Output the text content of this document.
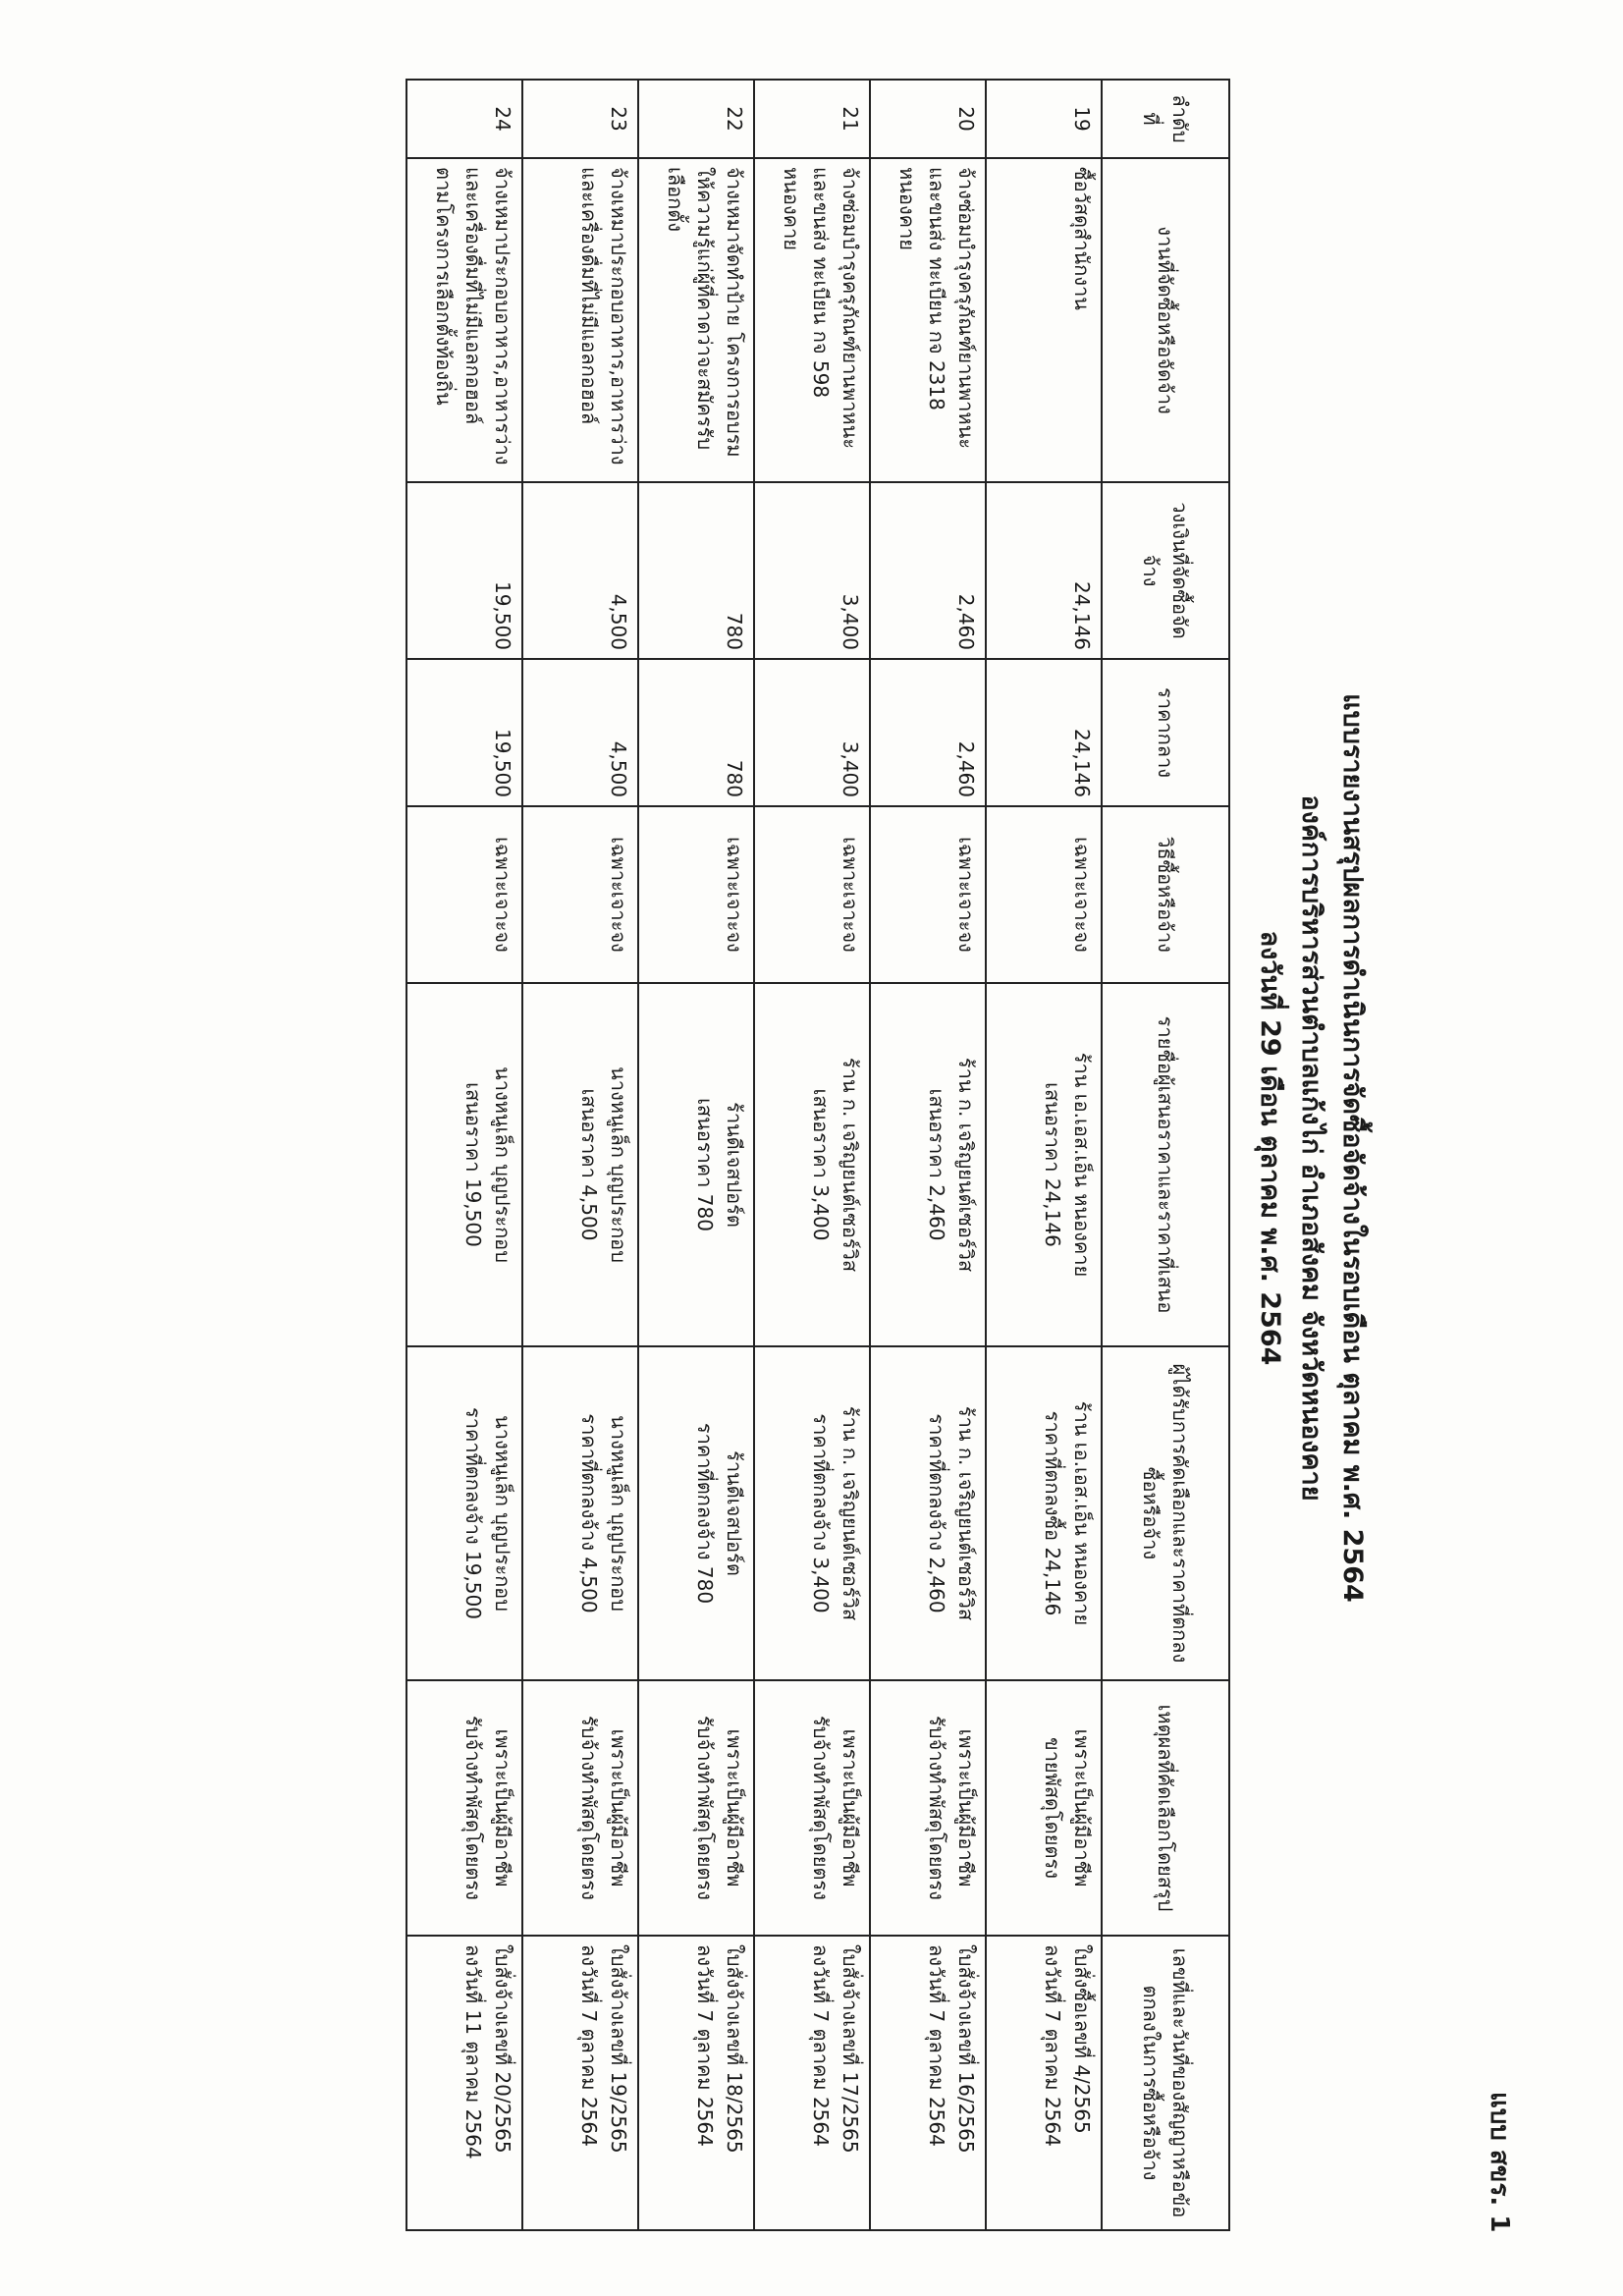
แบบ สขร. 1
แบบรายงานสรุปผลการดำเนินการจัดซื้อจัดจ้างในรอบเดือน ตุลาคม พ.ศ. 2564
องค์การบริหารส่วนตำบลแก้งไก่ อำเภอสังคม จังหวัดหนองคาย
ลงวันที่ 29 เดือน ตุลาคม พ.ศ. 2564
ลำดับที่	งานที่จัดซื้อหรือจัดจ้าง	วงเงินที่จัดซื้อจัดจ้าง	ราคากลาง	วิธีซื้อหรือจ้าง	รายชื่อผู้เสนอราคาและราคาที่เสนอ	ผู้ได้รับการคัดเลือกและราคาที่ตกลงซื้อหรือจ้าง	เหตุผลที่คัดเลือกโดยสรุป	เลขที่และวันที่ของสัญญาหรือข้อตกลงในการซื้อหรือจ้าง
19	ซื้อวัสดุสำนักงาน	24,146	24,146	เฉพาะเจาะจง	ร้าน เอ.เอส.เอ็น หนองคาย
เสนอราคา 24,146	ร้าน เอ.เอส.เอ็น หนองคาย
ราคาที่ตกลงซื้อ 24,146	เพราะเป็นผู้มีอาชีพ
ขายพัสดุโดยตรง	ใบสั่งซื้อเลขที่ 4/2565
ลงวันที่ 7 ตุลาคม 2564

20	จ้างซ่อมบำรุงครุภัณฑ์ยานพาหนะ
และขนส่ง ทะเบียน กจ 2318
หนองคาย	2,460	2,460	เฉพาะเจาะจง	ร้าน ก. เจริญยนต์เซอร์วิส
เสนอราคา 2,460	ร้าน ก. เจริญยนต์เซอร์วิส
ราคาที่ตกลงจ้าง 2,460	เพราะเป็นผู้มีอาชีพ
รับจ้างทำพัสดุโดยตรง	ใบสั่งจ้างเลขที่ 16/2565
ลงวันที่ 7 ตุลาคม 2564

21	จ้างซ่อมบำรุงครุภัณฑ์ยานพาหนะ
และขนส่ง ทะเบียน กจ 598
หนองคาย	3,400	3,400	เฉพาะเจาะจง	ร้าน ก. เจริญยนต์เซอร์วิส
เสนอราคา 3,400	ร้าน ก. เจริญยนต์เซอร์วิส
ราคาที่ตกลงจ้าง 3,400	เพราะเป็นผู้มีอาชีพ
รับจ้างทำพัสดุโดยตรง	ใบสั่งจ้างเลขที่ 17/2565
ลงวันที่ 7 ตุลาคม 2564

22	จ้างเหมาจัดทำป้าย โครงการอบรม
ให้ความรู้แก่ผู้ที่คาดว่าจะสมัครรับ
เลือกตั้ง	780	780	เฉพาะเจาะจง	ร้านดีเจสปอร์ต
เสนอราคา 780	ร้านดีเจสปอร์ต
ราคาที่ตกลงจ้าง 780	เพราะเป็นผู้มีอาชีพ
รับจ้างทำพัสดุโดยตรง	ใบสั่งจ้างเลขที่ 18/2565
ลงวันที่ 7 ตุลาคม 2564

23	จ้างเหมาประกอบอาหาร,อาหารว่าง
และเครื่องดื่มที่ไม่มีแอลกอฮอล์	4,500	4,500	เฉพาะเจาะจง	นางหนูเล็ก บุญประกอบ
เสนอราคา 4,500	นางหนูเล็ก บุญประกอบ
ราคาที่ตกลงจ้าง 4,500	เพราะเป็นผู้มีอาชีพ
รับจ้างทำพัสดุโดยตรง	ใบสั่งจ้างเลขที่ 19/2565
ลงวันที่ 7 ตุลาคม 2564

24	จ้างเหมาประกอบอาหาร,อาหารว่าง
และเครื่องดื่มที่ไม่มีแอลกอฮอล์
ตามโครงการเลือกตั้งท้องถิ่น	19,500	19,500	เฉพาะเจาะจง	นางหนูเล็ก บุญประกอบ
เสนอราคา 19,500	นางหนูเล็ก บุญประกอบ
ราคาที่ตกลงจ้าง 19,500	เพราะเป็นผู้มีอาชีพ
รับจ้างทำพัสดุโดยตรง	ใบสั่งจ้างเลขที่ 20/2565
ลงวันที่ 11 ตุลาคม 2564
